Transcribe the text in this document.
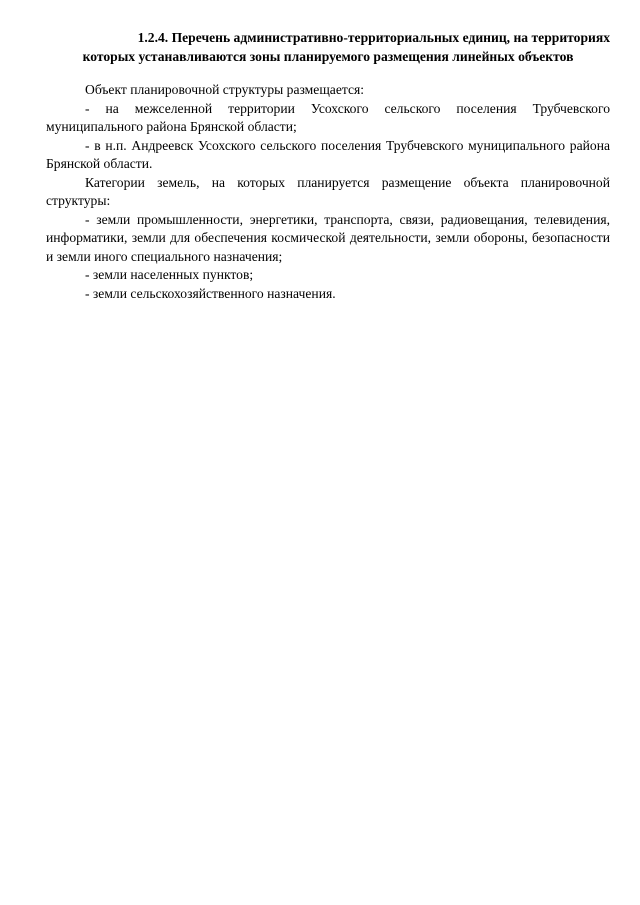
1.2.4. Перечень административно-территориальных единиц, на территориях
которых устанавливаются зоны планируемого размещения линейных объектов

Объект планировочной структуры размещается:

- на межселенной территории Усохского сельского поселения Трубчевского муниципального района Брянской области;

- в н.п. Андреевск Усохского сельского поселения Трубчевского муниципального района Брянской области.

Категории земель, на которых планируется размещение объекта планировочной структуры:

- земли промышленности, энергетики, транспорта, связи, радиовещания, телевидения, информатики, земли для обеспечения космической деятельности, земли обороны, безопасности и земли иного специального назначения;

- земли населенных пунктов;

- земли сельскохозяйственного назначения.
